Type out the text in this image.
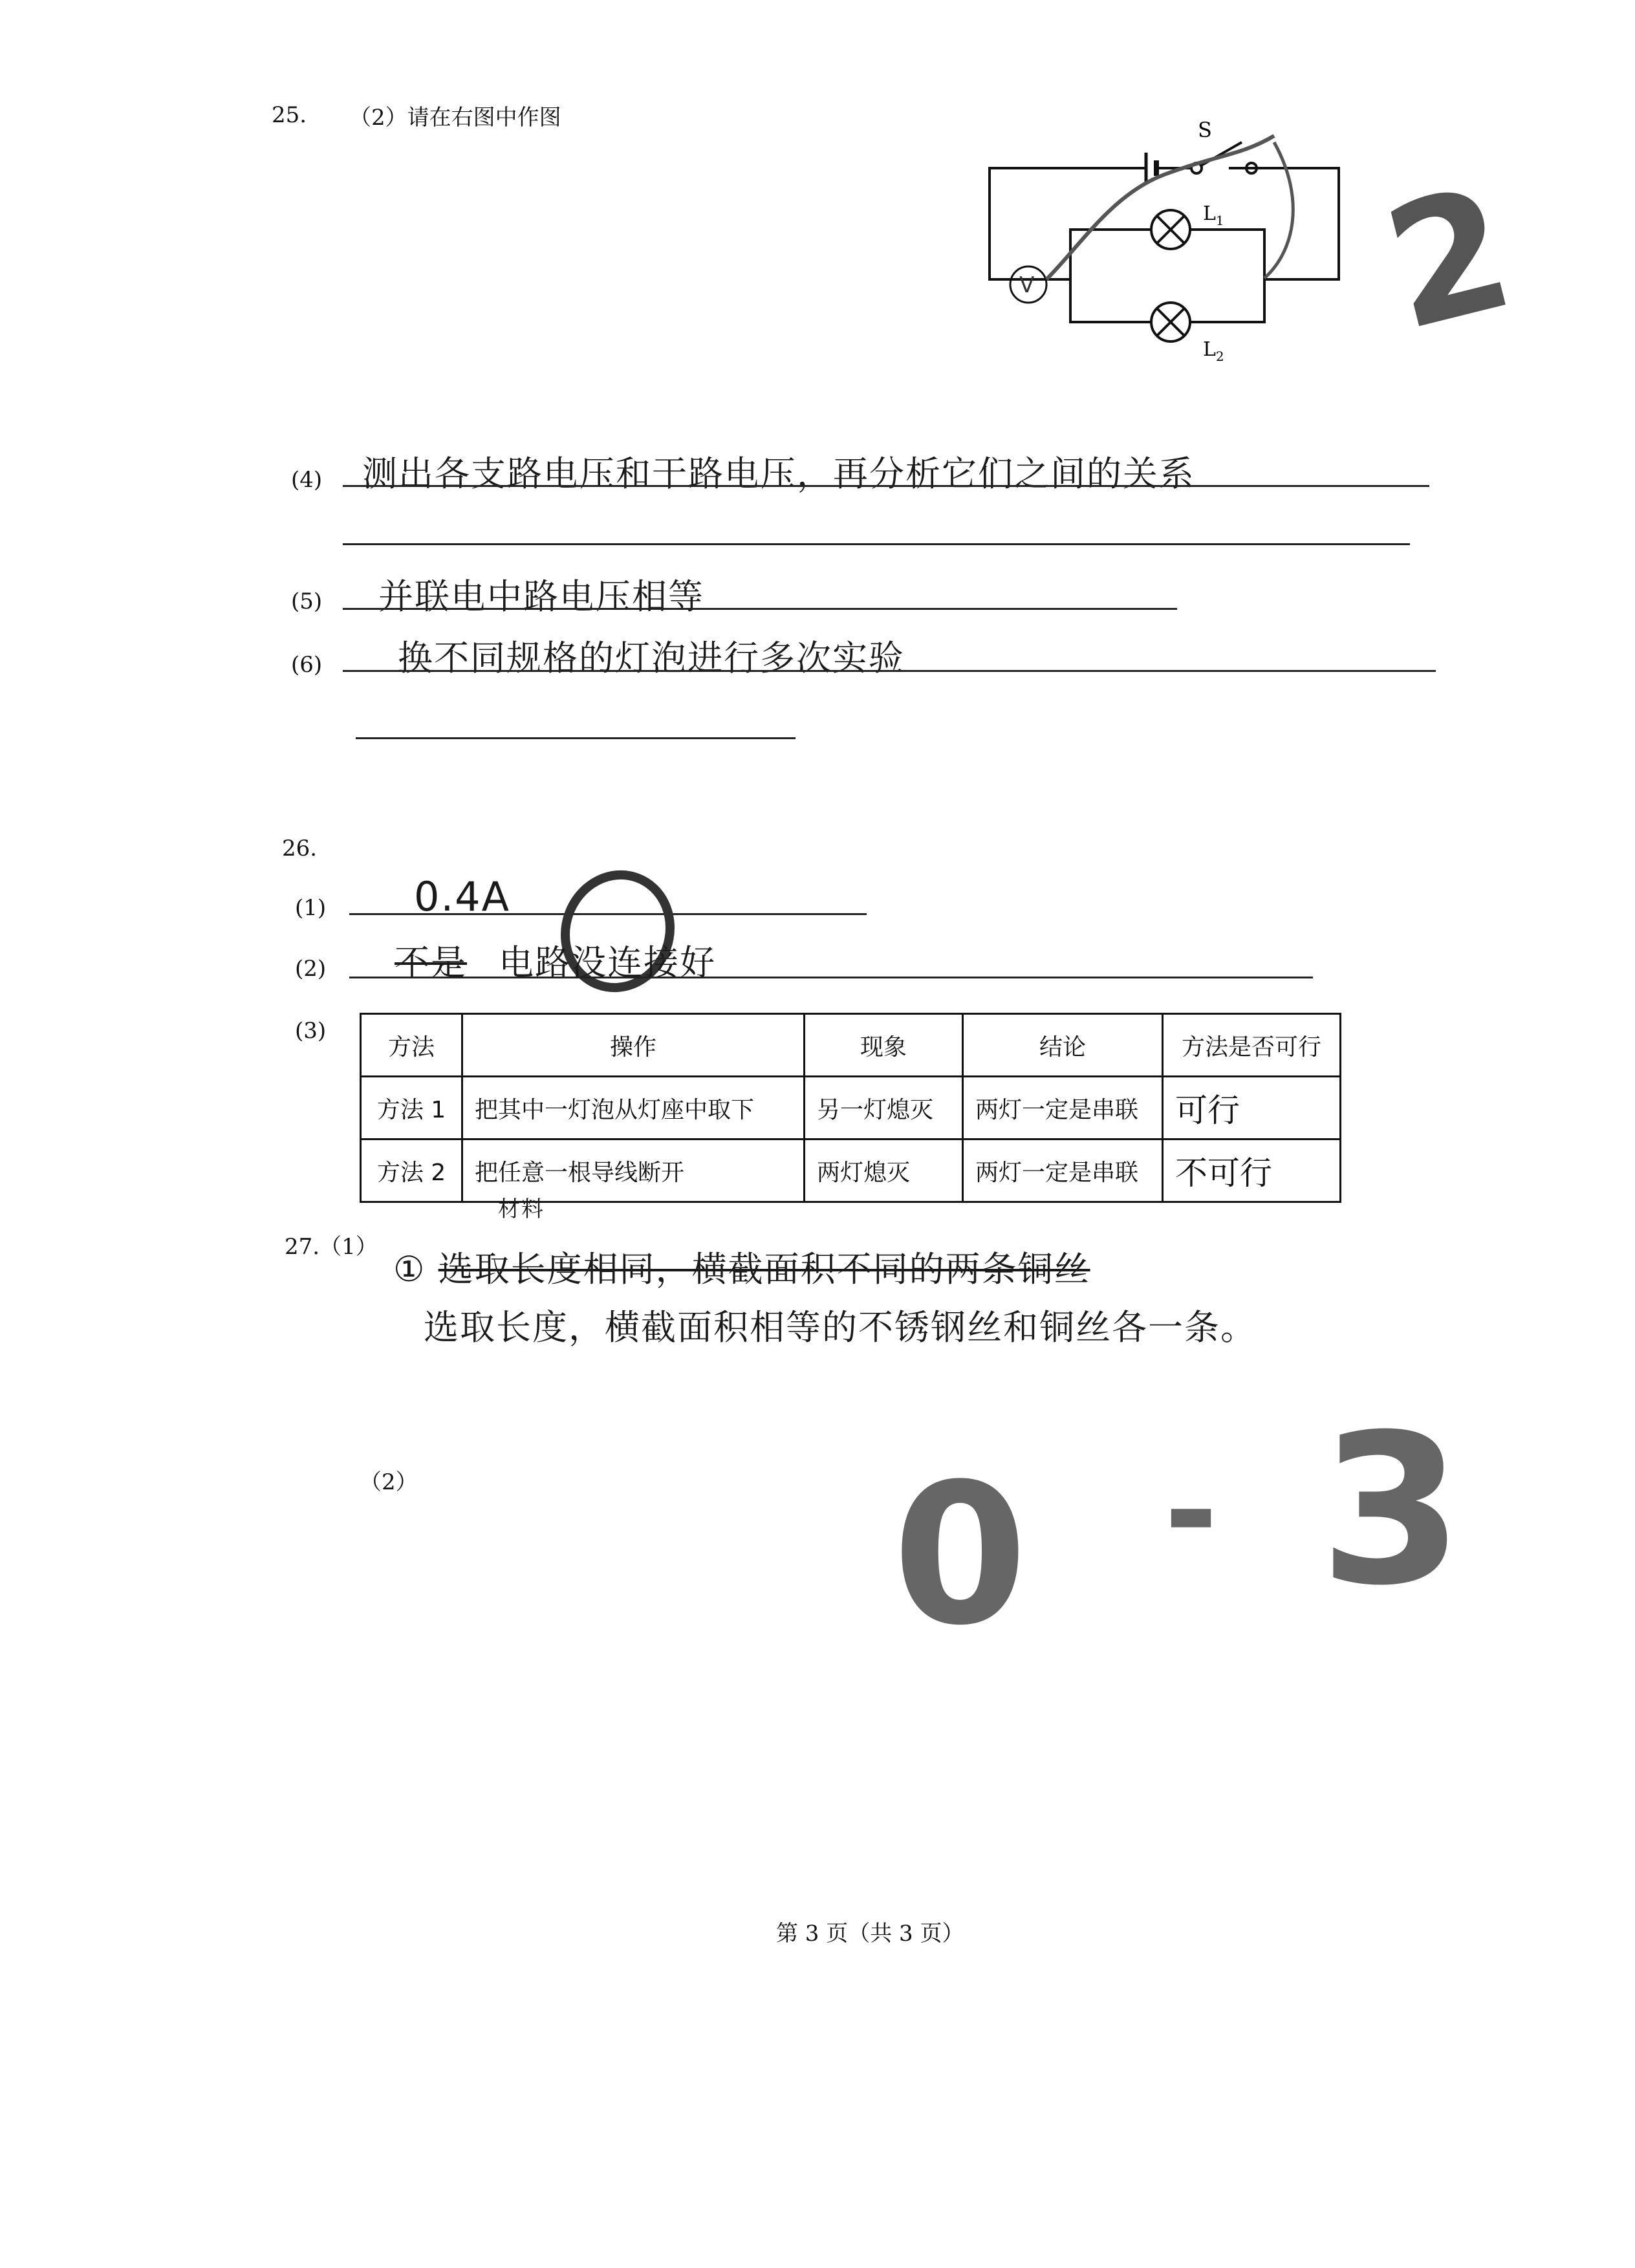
25. （2）请在右图中作图	S
$L_1$
$L_2$
V 2
(4) 测出各支路电压和干路电压，再分析它们之间的关系
(5) 并联电中路电压相等
(6) 换不同规格的灯泡进行多次实验
26.
(1) 0.4A
(2) 不是 电路没连接好
(3)
方法	操作	现象	结论	方法是否可行
方法 1	把其中一灯泡从灯座中取下	另一灯熄灭	两灯一定是串联	可行
方法 2	把任意一根导线断开	两灯熄灭	两灯一定是串联	不可行
27.（1）
材料
① 选取长度相同，横截面积不同的两条铜丝
选取长度，横截面积相等的不锈钢丝和铜丝各一条。
（2） 0 - 3
第 3 页（共 3 页）
